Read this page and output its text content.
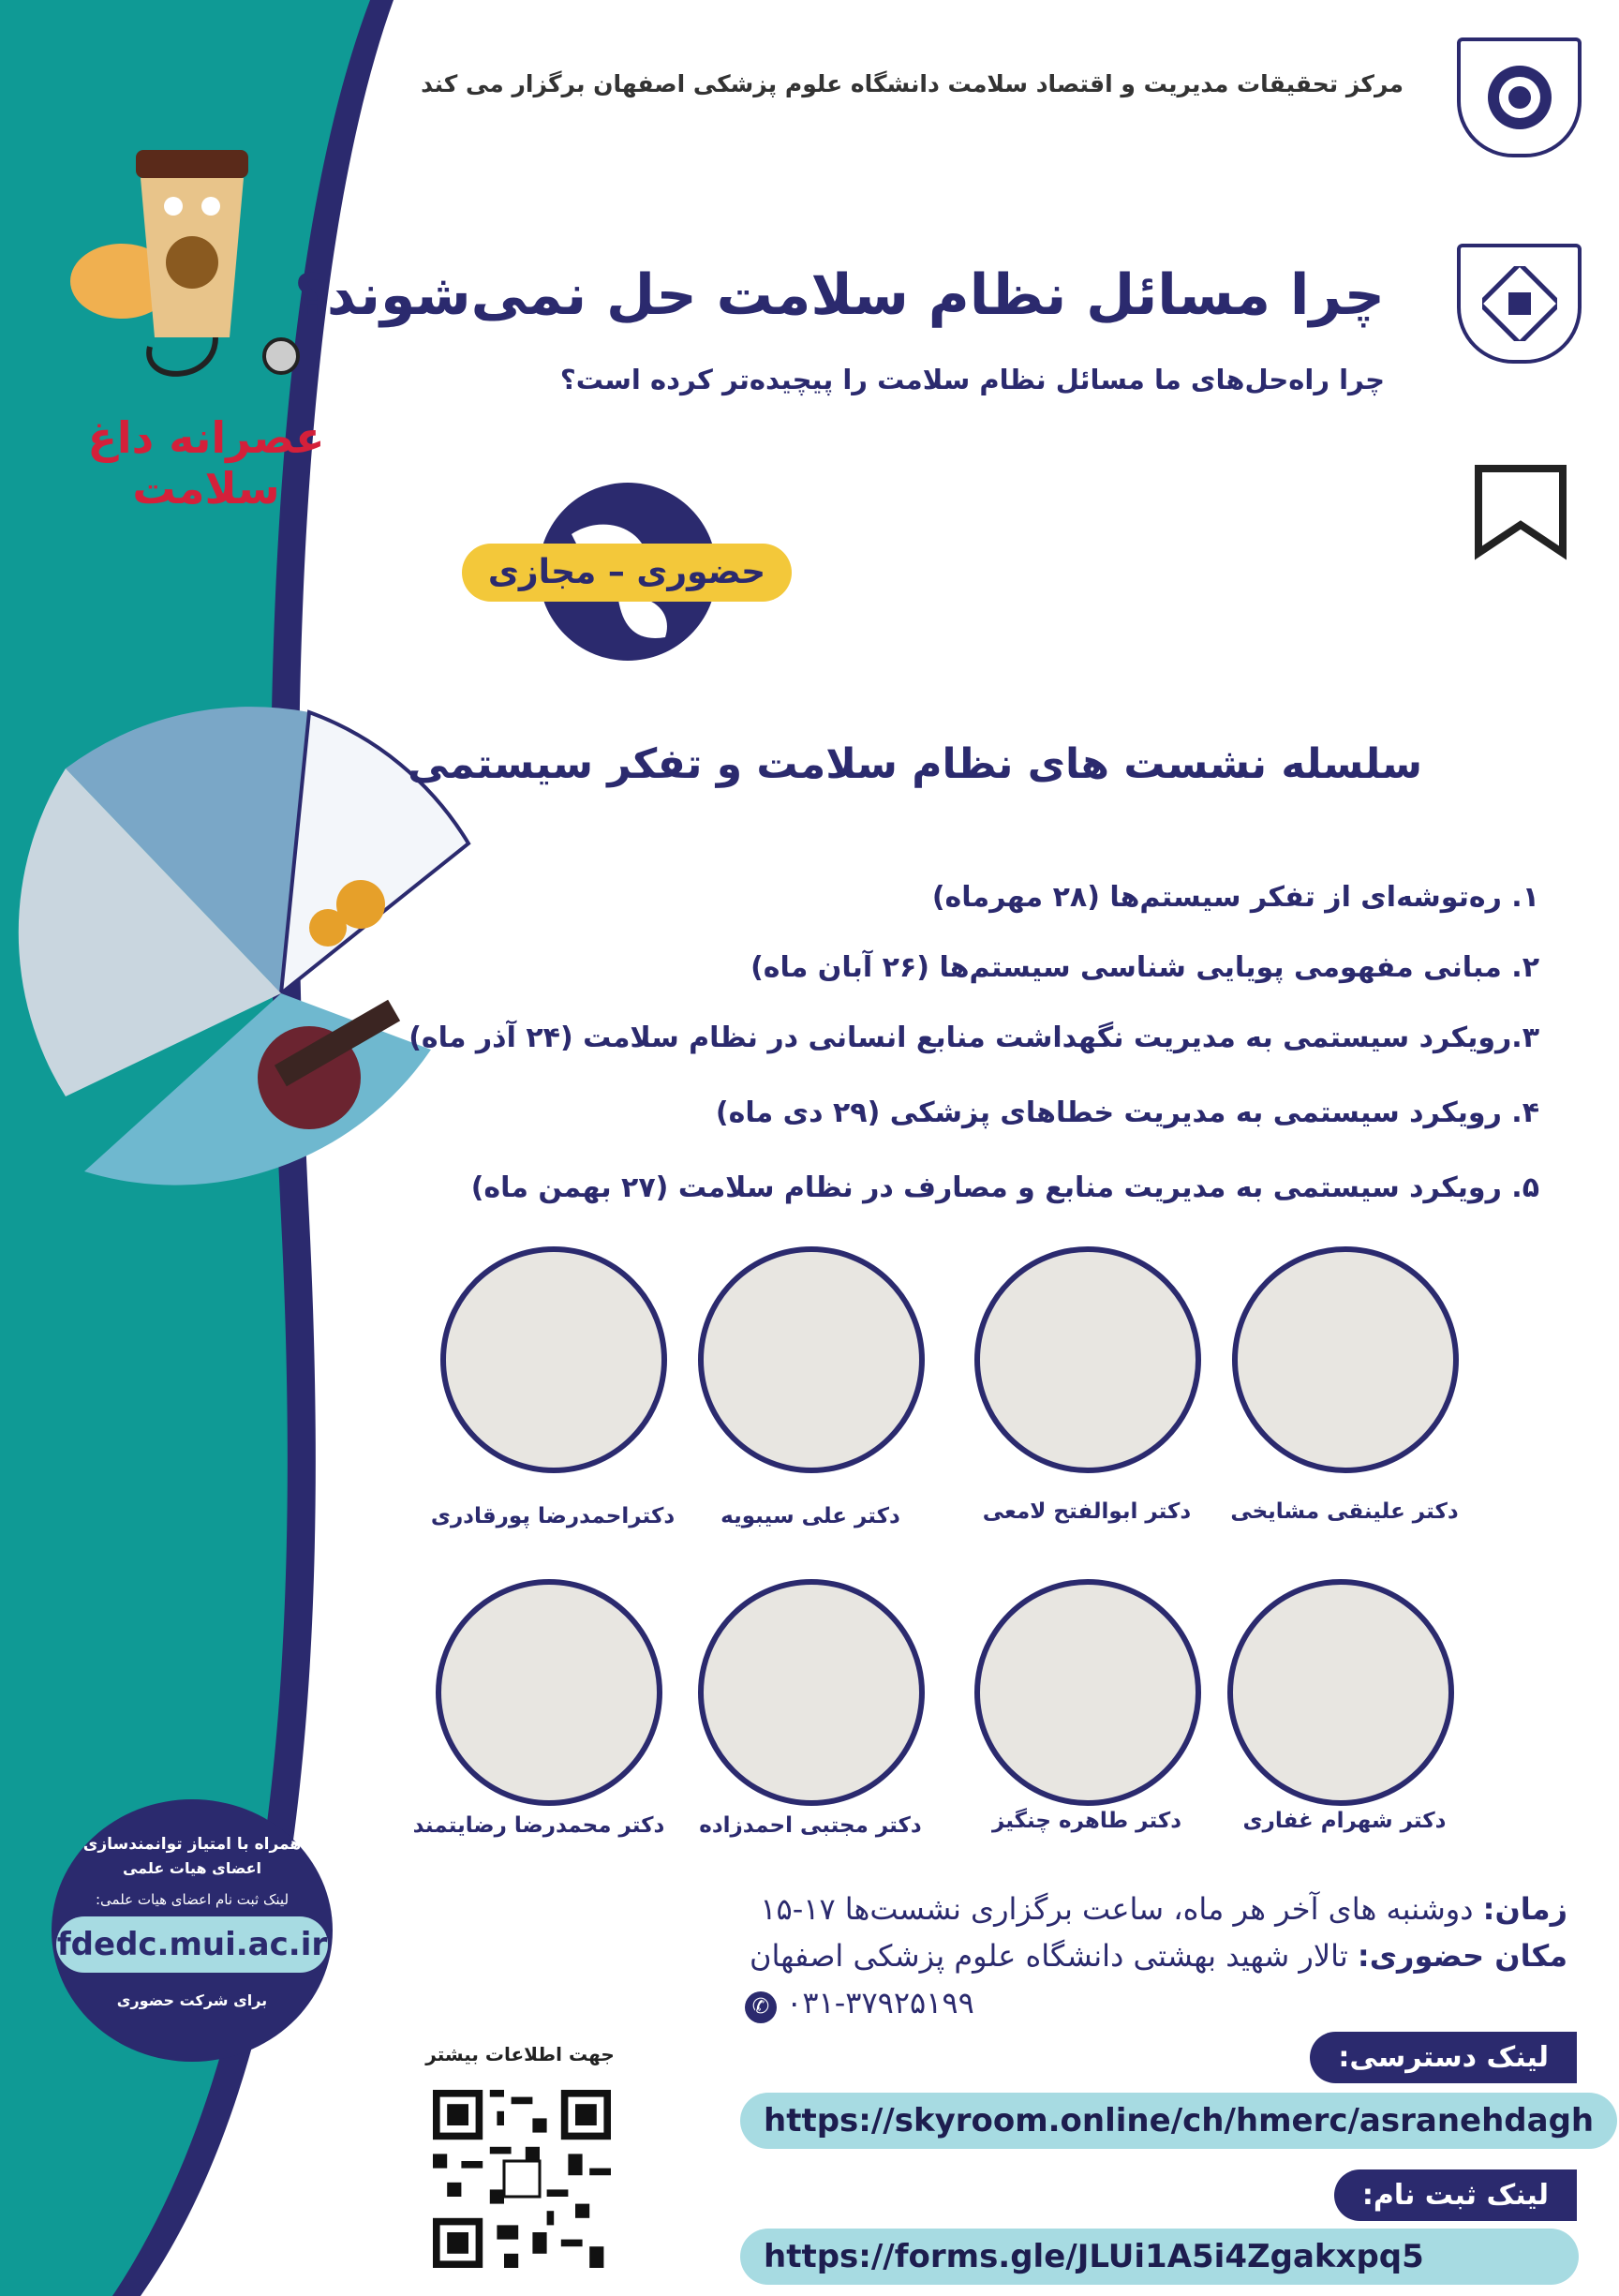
عصرانه داغ سلامت
مرکز تحقیقات مدیریت و اقتصاد سلامت دانشگاه علوم پزشکی اصفهان برگزار می کند
چرا مسائل نظام سلامت حل نمی‌شوند؟
چرا راه‌حل‌های ما مسائل نظام سلامت را پیچیده‌تر کرده است؟
حضوری – مجازی
سلسله نشست های نظام سلامت و تفکر سیستمی
۱. ره‌توشه‌ای از تفکر سیستم‌ها (۲۸ مهرماه)
۲. مبانی مفهومی پویایی شناسی سیستم‌ها (۲۶ آبان ماه)
۳.رویکرد سیستمی به مدیریت نگهداشت منابع انسانی در نظام سلامت (۲۴ آذر ماه)
۴. رویکرد سیستمی به مدیریت خطاهای پزشکی (۲۹ دی ماه)
۵. رویکرد سیستمی به مدیریت منابع و مصارف در نظام سلامت (۲۷ بهمن ماه)
دکتر علینقی مشایخی
دکتر ابوالفتح لامعی
دکتر علی سیبویه
دکتراحمدرضا پورقادری
دکتر شهرام غفاری
دکتر طاهره چنگیز
دکتر مجتبی احمدزاده
دکتر محمدرضا رضایتمند
زمان: دوشنبه های آخر هر ماه، ساعت برگزاری نشست‌ها ۱۷-۱۵
مکان حضوری: تالار شهید بهشتی دانشگاه علوم پزشکی اصفهان
✆ ۰۳۱-۳۷۹۲۵۱۹۹
لینک دسترسی:
https://skyroom.online/ch/hmerc/asranehdagh
لینک ثبت نام:
https://forms.gle/JLUi1A5i4Zgakxpq5
همراه با امتیاز توانمندسازی
اعضای هیات علمی
لینک ثبت نام اعضای هیات علمی:
fdedc.mui.ac.ir
برای شرکت حضوری
جهت اطلاعات بیشتر
